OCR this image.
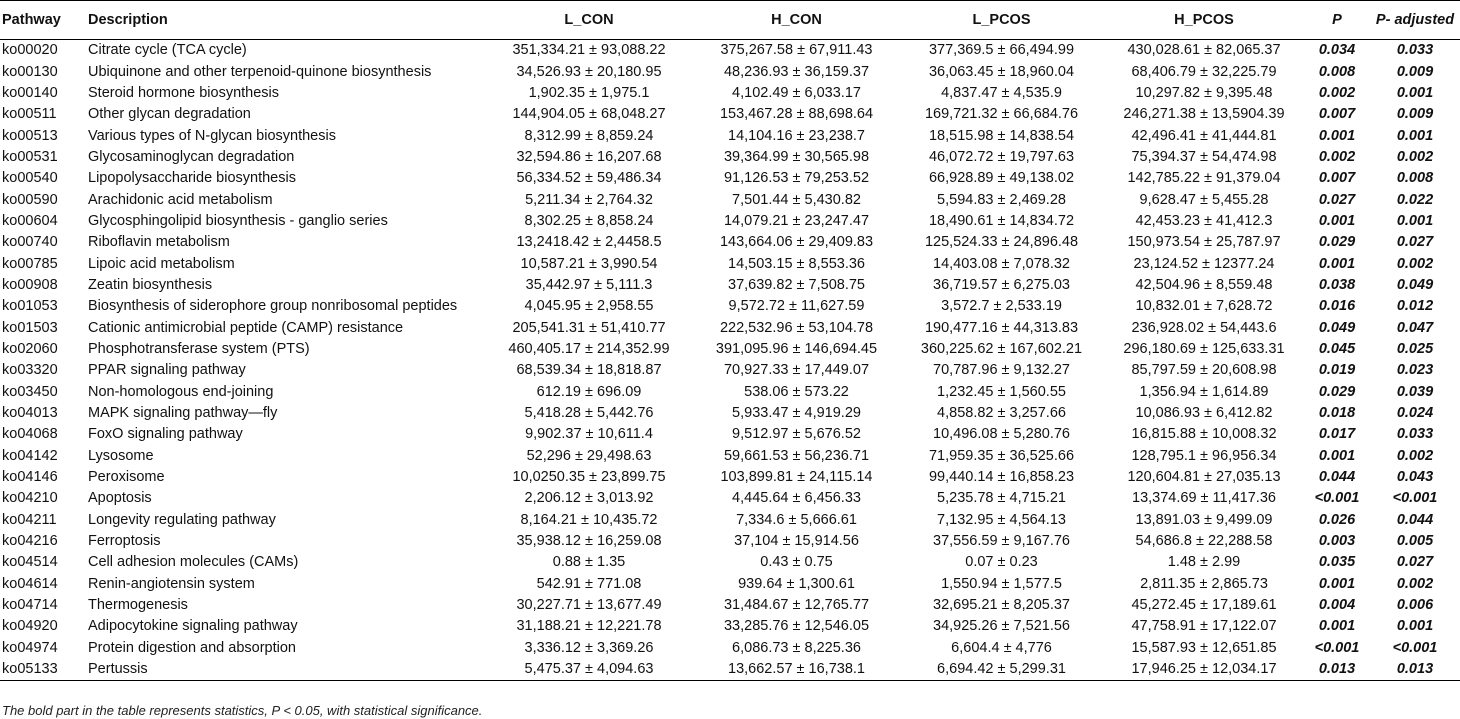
Pathway	Description	L_CON	H_CON	L_PCOS	H_PCOS	P	P- adjusted
ko00020	Citrate cycle (TCA cycle)	351,334.21 ± 93,088.22	375,267.58 ± 67,911.43	377,369.5 ± 66,494.99	430,028.61 ± 82,065.37	0.034	0.033
ko00130	Ubiquinone and other terpenoid-quinone biosynthesis	34,526.93 ± 20,180.95	48,236.93 ± 36,159.37	36,063.45 ± 18,960.04	68,406.79 ± 32,225.79	0.008	0.009
ko00140	Steroid hormone biosynthesis	1,902.35 ± 1,975.1	4,102.49 ± 6,033.17	4,837.47 ± 4,535.9	10,297.82 ± 9,395.48	0.002	0.001
ko00511	Other glycan degradation	144,904.05 ± 68,048.27	153,467.28 ± 88,698.64	169,721.32 ± 66,684.76	246,271.38 ± 13,5904.39	0.007	0.009
ko00513	Various types of N-glycan biosynthesis	8,312.99 ± 8,859.24	14,104.16 ± 23,238.7	18,515.98 ± 14,838.54	42,496.41 ± 41,444.81	0.001	0.001
ko00531	Glycosaminoglycan degradation	32,594.86 ± 16,207.68	39,364.99 ± 30,565.98	46,072.72 ± 19,797.63	75,394.37 ± 54,474.98	0.002	0.002
ko00540	Lipopolysaccharide biosynthesis	56,334.52 ± 59,486.34	91,126.53 ± 79,253.52	66,928.89 ± 49,138.02	142,785.22 ± 91,379.04	0.007	0.008
ko00590	Arachidonic acid metabolism	5,211.34 ± 2,764.32	7,501.44 ± 5,430.82	5,594.83 ± 2,469.28	9,628.47 ± 5,455.28	0.027	0.022
ko00604	Glycosphingolipid biosynthesis - ganglio series	8,302.25 ± 8,858.24	14,079.21 ± 23,247.47	18,490.61 ± 14,834.72	42,453.23 ± 41,412.3	0.001	0.001
ko00740	Riboflavin metabolism	13,2418.42 ± 2,4458.5	143,664.06 ± 29,409.83	125,524.33 ± 24,896.48	150,973.54 ± 25,787.97	0.029	0.027
ko00785	Lipoic acid metabolism	10,587.21 ± 3,990.54	14,503.15 ± 8,553.36	14,403.08 ± 7,078.32	23,124.52 ± 12377.24	0.001	0.002
ko00908	Zeatin biosynthesis	35,442.97 ± 5,111.3	37,639.82 ± 7,508.75	36,719.57 ± 6,275.03	42,504.96 ± 8,559.48	0.038	0.049
ko01053	Biosynthesis of siderophore group nonribosomal peptides	4,045.95 ± 2,958.55	9,572.72 ± 11,627.59	3,572.7 ± 2,533.19	10,832.01 ± 7,628.72	0.016	0.012
ko01503	Cationic antimicrobial peptide (CAMP) resistance	205,541.31 ± 51,410.77	222,532.96 ± 53,104.78	190,477.16 ± 44,313.83	236,928.02 ± 54,443.6	0.049	0.047
ko02060	Phosphotransferase system (PTS)	460,405.17 ± 214,352.99	391,095.96 ± 146,694.45	360,225.62 ± 167,602.21	296,180.69 ± 125,633.31	0.045	0.025
ko03320	PPAR signaling pathway	68,539.34 ± 18,818.87	70,927.33 ± 17,449.07	70,787.96 ± 9,132.27	85,797.59 ± 20,608.98	0.019	0.023
ko03450	Non-homologous end-joining	612.19 ± 696.09	538.06 ± 573.22	1,232.45 ± 1,560.55	1,356.94 ± 1,614.89	0.029	0.039
ko04013	MAPK signaling pathway—fly	5,418.28 ± 5,442.76	5,933.47 ± 4,919.29	4,858.82 ± 3,257.66	10,086.93 ± 6,412.82	0.018	0.024
ko04068	FoxO signaling pathway	9,902.37 ± 10,611.4	9,512.97 ± 5,676.52	10,496.08 ± 5,280.76	16,815.88 ± 10,008.32	0.017	0.033
ko04142	Lysosome	52,296 ± 29,498.63	59,661.53 ± 56,236.71	71,959.35 ± 36,525.66	128,795.1 ± 96,956.34	0.001	0.002
ko04146	Peroxisome	10,0250.35 ± 23,899.75	103,899.81 ± 24,115.14	99,440.14 ± 16,858.23	120,604.81 ± 27,035.13	0.044	0.043
ko04210	Apoptosis	2,206.12 ± 3,013.92	4,445.64 ± 6,456.33	5,235.78 ± 4,715.21	13,374.69 ± 11,417.36	<0.001	<0.001
ko04211	Longevity regulating pathway	8,164.21 ± 10,435.72	7,334.6 ± 5,666.61	7,132.95 ± 4,564.13	13,891.03 ± 9,499.09	0.026	0.044
ko04216	Ferroptosis	35,938.12 ± 16,259.08	37,104 ± 15,914.56	37,556.59 ± 9,167.76	54,686.8 ± 22,288.58	0.003	0.005
ko04514	Cell adhesion molecules (CAMs)	0.88 ± 1.35	0.43 ± 0.75	0.07 ± 0.23	1.48 ± 2.99	0.035	0.027
ko04614	Renin-angiotensin system	542.91 ± 771.08	939.64 ± 1,300.61	1,550.94 ± 1,577.5	2,811.35 ± 2,865.73	0.001	0.002
ko04714	Thermogenesis	30,227.71 ± 13,677.49	31,484.67 ± 12,765.77	32,695.21 ± 8,205.37	45,272.45 ± 17,189.61	0.004	0.006
ko04920	Adipocytokine signaling pathway	31,188.21 ± 12,221.78	33,285.76 ± 12,546.05	34,925.26 ± 7,521.56	47,758.91 ± 17,122.07	0.001	0.001
ko04974	Protein digestion and absorption	3,336.12 ± 3,369.26	6,086.73 ± 8,225.36	6,604.4 ± 4,776	15,587.93 ± 12,651.85	<0.001	<0.001
ko05133	Pertussis	5,475.37 ± 4,094.63	13,662.57 ± 16,738.1	6,694.42 ± 5,299.31	17,946.25 ± 12,034.17	0.013	0.013
The bold part in the table represents statistics, P < 0.05, with statistical significance.
